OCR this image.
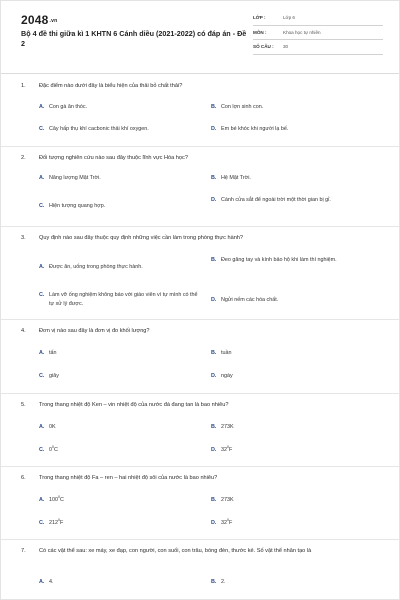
2048.vn
Bộ 4 đề thi giữa kì 1 KHTN 6 Cánh diều (2021-2022) có đáp án - Đề 2
LỚP :	Lớp 6
MÔN :	Khoa học tự nhiên
SỐ CÂU :	30
1. Đặc điểm nào dưới đây là biểu hiện của thải bỏ chất thải?
A. Con gà ăn thóc.	B. Con lợn sinh con.
C. Cây hấp thụ khí cacbonic thải khí oxygen.	D. Em bé khóc khi người lạ bế.
2. Đối tượng nghiên cứu nào sau đây thuộc lĩnh vực Hóa học?
A. Năng lượng Mặt Trời.	B. Hệ Mặt Trời.
C. Hiện tượng quang hợp.
D. Cánh cửa sắt để ngoài trời một thời gian bị gỉ.
3. Quy định nào sau đây thuộc quy định những việc cần làm trong phòng thực hành?
A. Được ăn, uống trong phòng thực hành.
B. Đeo găng tay và kính bảo hộ khi làm thí nghiệm.
C. Làm vỡ ống nghiệm không báo với giáo viên vì tự mình có thể tự xử lý được.
D. Ngửi nếm các hóa chất.
4. Đơn vị nào sau đây là đơn vị đo khối lượng?
A. tấn	B. tuần
C. giây	D. ngày
5. Trong thang nhiệt độ Ken – vin nhiệt độ của nước đá đang tan là bao nhiêu?
A. 0K	B. 273K
C. $0^0C$	D. $32^0F$
6. Trong thang nhiệt độ Fa – ren – hai nhiệt độ sôi của nước là bao nhiêu?
A. $100^0C$	B. 273K
C. $212^0F$	D. $32^0F$
7. Có các vật thể sau: xe máy, xe đạp, con người, con suối, con trâu, bóng đèn, thước kẻ. Số vật thể nhân tạo là
A. 4.	B. 2.
